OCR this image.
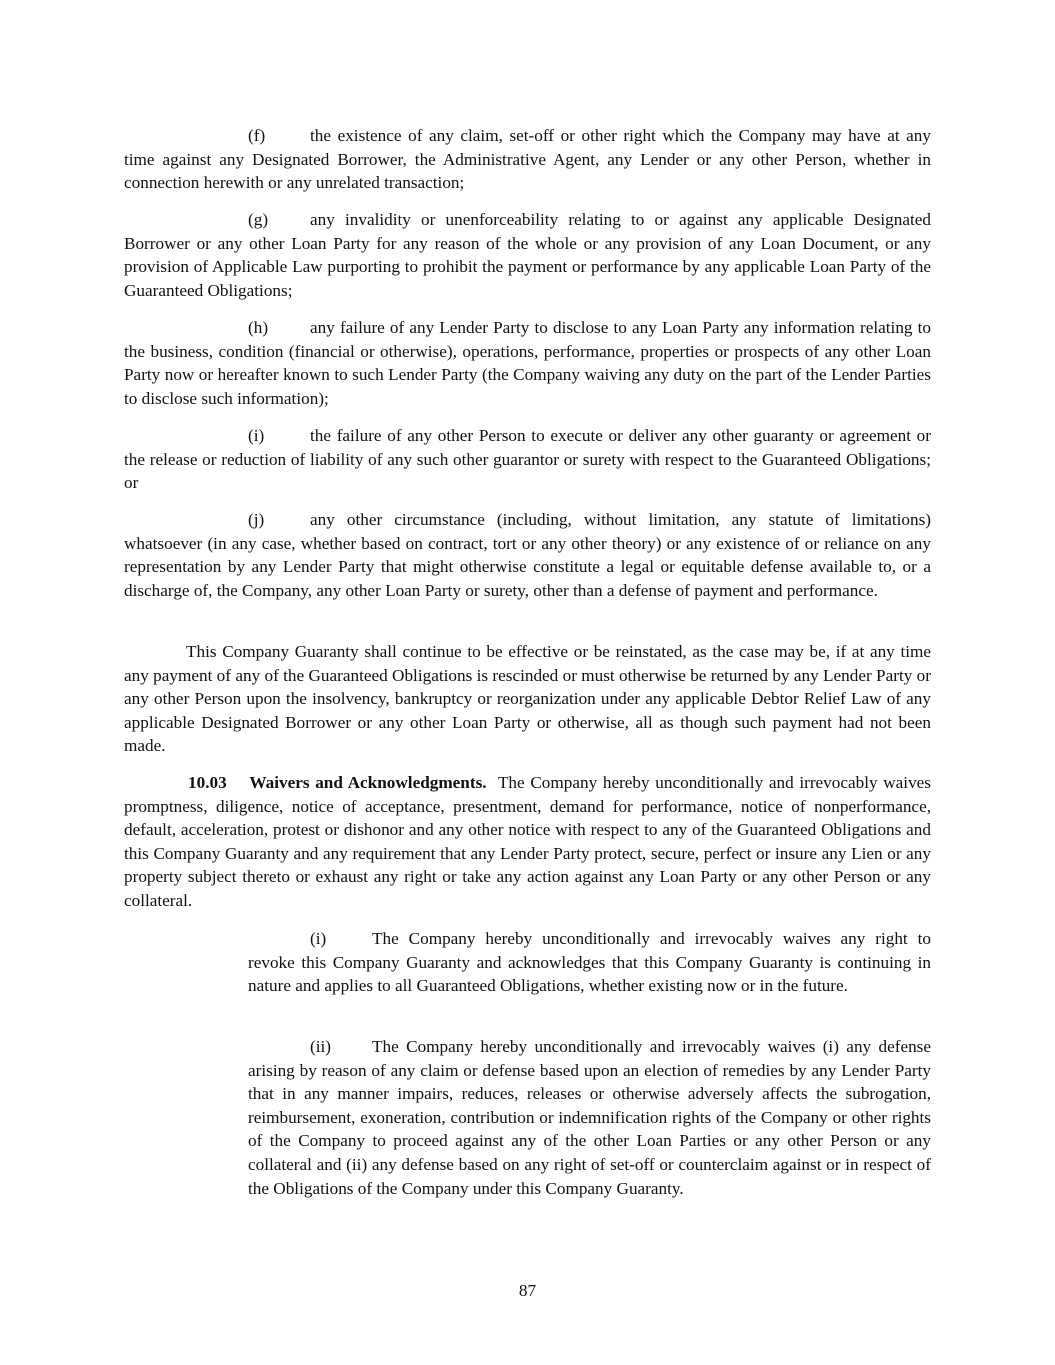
(f)	the existence of any claim, set-off or other right which the Company may have at any time against any Designated Borrower, the Administrative Agent, any Lender or any other Person, whether in connection herewith or any unrelated transaction;

(g) any invalidity or unenforceability relating to or against any applicable Designated Borrower or any other Loan Party for any reason of the whole or any provision of any Loan Document, or any provision of Applicable Law purporting to prohibit the payment or performance by any applicable Loan Party of the Guaranteed Obligations;

(h) any failure of any Lender Party to disclose to any Loan Party any information relating to the business, condition (financial or otherwise), operations, performance, properties or prospects of any other Loan Party now or hereafter known to such Lender Party (the Company waiving any duty on the part of the Lender Parties to disclose such information);

(i)	the failure of any other Person to execute or deliver any other guaranty or agreement or the release or reduction of liability of any such other guarantor or surety with respect to the Guaranteed Obligations; or

(j)	any other circumstance (including, without limitation, any statute of limitations) whatsoever (in any case, whether based on contract, tort or any other theory) or any existence of or reliance on any representation by any Lender Party that might otherwise constitute a legal or equitable defense available to, or a discharge of, the Company, any other Loan Party or surety, other than a defense of payment and performance.

This Company Guaranty shall continue to be effective or be reinstated, as the case may be, if at any time any payment of any of the Guaranteed Obligations is rescinded or must otherwise be returned by any Lender Party or any other Person upon the insolvency, bankruptcy or reorganization under any applicable Debtor Relief Law of any applicable Designated Borrower or any other Loan Party or otherwise, all as though such payment had not been made.

10.03 Waivers and Acknowledgments. The Company hereby unconditionally and irrevocably waives promptness, diligence, notice of acceptance, presentment, demand for performance, notice of nonperformance, default, acceleration, protest or dishonor and any other notice with respect to any of the Guaranteed Obligations and this Company Guaranty and any requirement that any Lender Party protect, secure, perfect or insure any Lien or any property subject thereto or exhaust any right or take any action against any Loan Party or any other Person or any collateral.

(i)	The Company hereby unconditionally and irrevocably waives any right to revoke this Company Guaranty and acknowledges that this Company Guaranty is continuing in nature and applies to all Guaranteed Obligations, whether existing now or in the future.

(ii) The Company hereby unconditionally and irrevocably waives (i) any defense arising by reason of any claim or defense based upon an election of remedies by any Lender Party that in any manner impairs, reduces, releases or otherwise adversely affects the subrogation, reimbursement, exoneration, contribution or indemnification rights of the Company or other rights of the Company to proceed against any of the other Loan Parties or any other Person or any collateral and (ii) any defense based on any right of set-off or counterclaim against or in respect of the Obligations of the Company under this Company Guaranty.

87
